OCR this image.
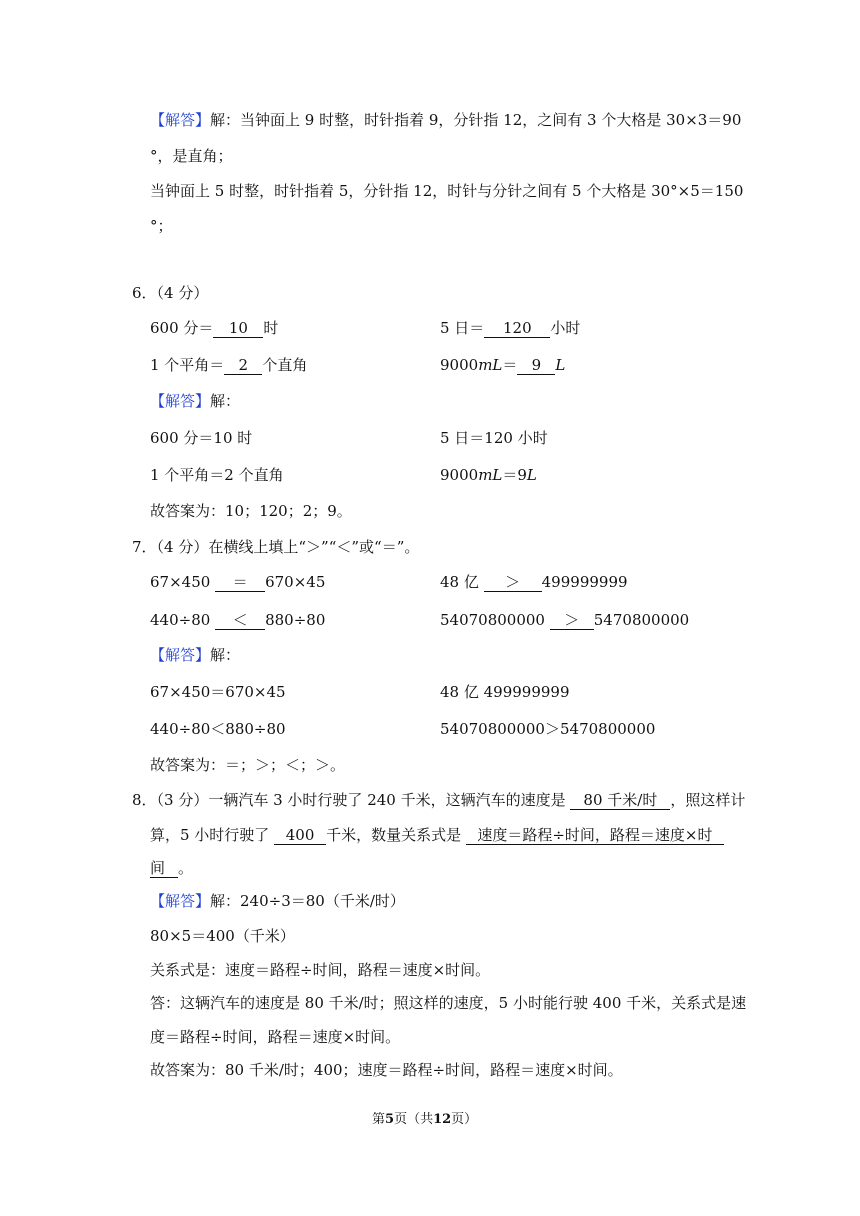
【解答】解：当钟面上 9 时整，时针指着 9，分针指 12，之间有 3 个大格是 30×3＝90
°，是直角；
当钟面上 5 时整，时针指着 5，分针指 12，时针与分针之间有 5 个大格是 30°×5＝150
°；
6．（4 分）
600 分＝ 10 时	5 日＝ 120 小时
1 个平角＝ 2 个直角	9000mL＝ 9 L
【解答】解：
600 分＝10 时	5 日＝120 小时
1 个平角＝2 个直角	9000mL＝9L
故答案为：10；120；2；9。
7．（4 分）在横线上填上“＞”“＜”或“＝”。
67×450 ＝ 670×45	48 亿 ＞ 499999999
440÷80 ＜ 880÷80	54070800000 ＞ 5470800000
【解答】解：
67×450＝670×45	48 亿 499999999
440÷80＜880÷80	54070800000＞5470800000
故答案为：＝；＞；＜；＞。
8．（3 分）一辆汽车 3 小时行驶了 240 千米，这辆汽车的速度是 80 千米/时 ，照这样计
算，5 小时行驶了 400 千米，数量关系式是 速度＝路程÷时间，路程＝速度×时
间 。
【解答】解：240÷3＝80（千米/时）
80×5＝400（千米）
关系式是：速度＝路程÷时间，路程＝速度×时间。
答：这辆汽车的速度是 80 千米/时；照这样的速度，5 小时能行驶 400 千米，关系式是速
度＝路程÷时间，路程＝速度×时间。
故答案为：80 千米/时；400；速度＝路程÷时间，路程＝速度×时间。
第5页（共12页）
